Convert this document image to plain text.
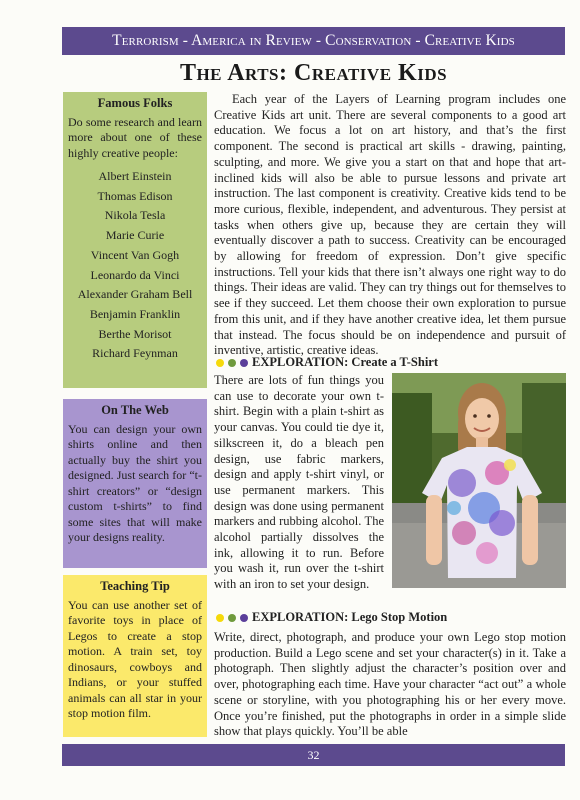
Terrorism - America in Review - Conservation - Creative Kids
The Arts: Creative Kids
Famous Folks

Do some research and learn more about one of these highly creative people:

Albert Einstein
Thomas Edison
Nikola Tesla
Marie Curie
Vincent Van Gogh
Leonardo da Vinci
Alexander Graham Bell
Benjamin Franklin
Berthe Morisot
Richard Feynman
On The Web

You can design your own shirts online and then actually buy the shirt you designed. Just search for “t-shirt creators” or “design custom t-shirts” to find some sites that will make your designs reality.

Teaching Tip

You can use another set of favorite toys in place of Legos to create a stop motion. A train set, toy dinosaurs, cowboys and Indians, or your stuffed animals can all star in your stop motion film.

Each year of the Layers of Learning program includes one Creative Kids art unit. There are several components to a good art education. We focus a lot on art history, and that’s the first component. The second is practical art skills - drawing, painting, sculpting, and more. We give you a start on that and hope that art-inclined kids will also be able to pursue lessons and private art instruction. The last component is creativity. Creative kids tend to be more curious, flexible, independent, and adventurous. They persist at tasks when others give up, because they are certain they will eventually discover a path to success. Creativity can be encouraged by allowing for freedom of expression. Don’t give specific instructions. Tell your kids that there isn’t always one right way to do things. Their ideas are valid. They can try things out for themselves to see if they succeed. Let them choose their own exploration to pursue from this unit, and if they have another creative idea, let them pursue that instead. The focus should be on independence and pursuit of inventive, artistic, creative ideas.

EXPLORATION: Create a T-Shirt

There are lots of fun things you can use to decorate your own t-shirt. Begin with a plain t-shirt as your canvas. You could tie dye it, silkscreen it, do a bleach pen design, use fabric markers, design and apply t-shirt vinyl, or use permanent markers. This design was done using permanent markers and rubbing alcohol. The alcohol partially dissolves the ink, allowing it to run. Before you wash it, run over the t-shirt with an iron to set your design.

EXPLORATION: Lego Stop Motion

Write, direct, photograph, and produce your own Lego stop motion production. Build a Lego scene and set your character(s) in it. Take a photograph. Then slightly adjust the character’s position over and over, photographing each time. Have your character “act out” a whole scene or storyline, with you photographing his or her every move. Once you’re finished, put the photographs in order in a simple slide show that plays quickly. You’ll be able

32
